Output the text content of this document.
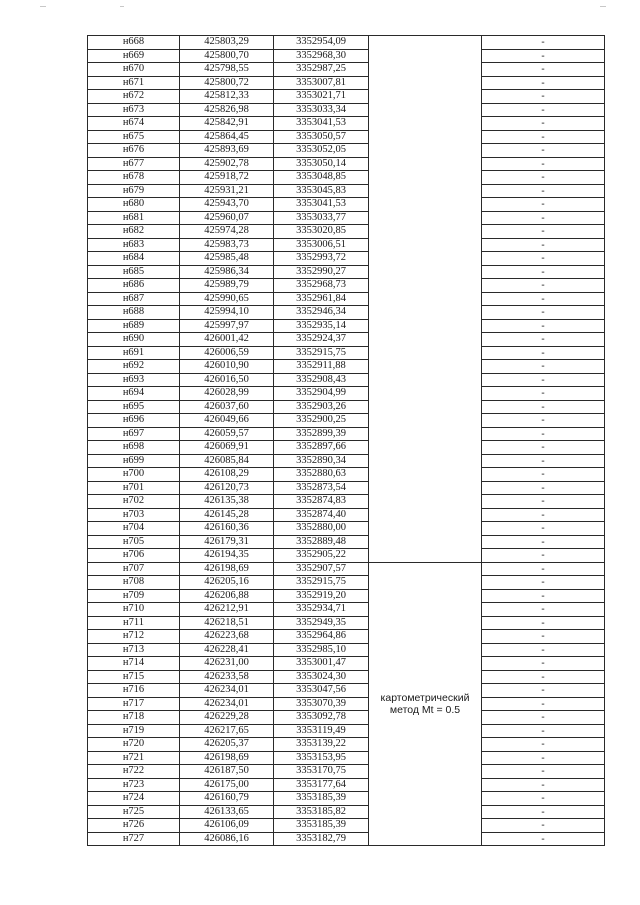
н668	425803,29	3352954,09		-
н669	425800,70	3352968,30		-
н670	425798,55	3352987,25		-
н671	425800,72	3353007,81		-
н672	425812,33	3353021,71		-
н673	425826,98	3353033,34		-
н674	425842,91	3353041,53		-
н675	425864,45	3353050,57		-
н676	425893,69	3353052,05		-
н677	425902,78	3353050,14		-
н678	425918,72	3353048,85		-
н679	425931,21	3353045,83		-
н680	425943,70	3353041,53		-
н681	425960,07	3353033,77		-
н682	425974,28	3353020,85		-
н683	425983,73	3353006,51		-
н684	425985,48	3352993,72		-
н685	425986,34	3352990,27		-
н686	425989,79	3352968,73		-
н687	425990,65	3352961,84		-
н688	425994,10	3352946,34		-
н689	425997,97	3352935,14		-
н690	426001,42	3352924,37		-
н691	426006,59	3352915,75		-
н692	426010,90	3352911,88		-
н693	426016,50	3352908,43		-
н694	426028,99	3352904,99		-
н695	426037,60	3352903,26		-
н696	426049,66	3352900,25		-
н697	426059,57	3352899,39		-
н698	426069,91	3352897,66		-
н699	426085,84	3352890,34		-
н700	426108,29	3352880,63		-
н701	426120,73	3352873,54		-
н702	426135,38	3352874,83		-
н703	426145,28	3352874,40		-
н704	426160,36	3352880,00		-
н705	426179,31	3352889,48		-
н706	426194,35	3352905,22		-
н707	426198,69	3352907,57	картометрический
метод Mt = 0.5	-
н708	426205,16	3352915,75		-
н709	426206,88	3352919,20		-
н710	426212,91	3352934,71		-
н711	426218,51	3352949,35		-
н712	426223,68	3352964,86		-
н713	426228,41	3352985,10		-
н714	426231,00	3353001,47		-
н715	426233,58	3353024,30		-
н716	426234,01	3353047,56		-
н717	426234,01	3353070,39		-
н718	426229,28	3353092,78		-
н719	426217,65	3353119,49		-
н720	426205,37	3353139,22		-
н721	426198,69	3353153,95		-
н722	426187,50	3353170,75		-
н723	426175,00	3353177,64		-
н724	426160,79	3353185,39		-
н725	426133,65	3353185,82		-
н726	426106,09	3353185,39		-
н727	426086,16	3353182,79		-
